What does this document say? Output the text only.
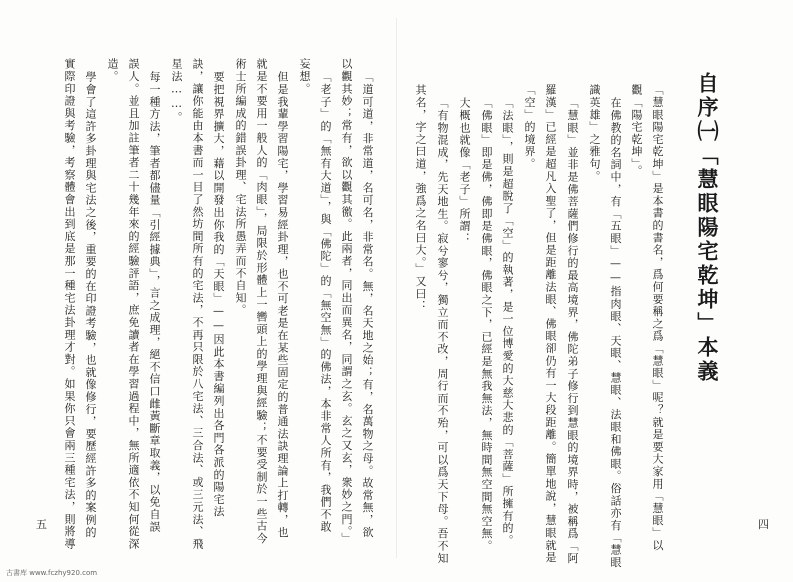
自序㈠「慧眼陽宅乾坤」本義
「慧眼陽宅乾坤」是本書的書名，爲何要稱之爲「慧眼」呢？就是要大家用「慧眼」以
觀「陽宅乾坤」。
在佛教的名詞中，有「五眼」——指肉眼、天眼、慧眼、法眼和佛眼。俗話亦有「慧眼
識英雄」之雅句。
「慧眼」並非是佛菩薩們修行的最高境界，佛陀弟子修行到慧眼的境界時，被稱爲「阿
羅漢」已經是超凡入聖了，但是距離法眼、佛眼卻仍有一大段距離。簡單地說，慧眼就是
「空」的境界。
「法眼」，則是超脫了「空」的執著，是一位博愛的大慈大悲的「菩薩」所擁有的。
「佛眼」即是佛，佛即是佛眼，佛眼之下，已經是無我無法，無時間無空間無空無。
大概也就像「老子」所謂：
「有物混成，先天地生。寂兮寥兮，獨立而不改，周行而不殆，可以爲天下母。吾不知
其名，字之曰道，強爲之名曰大。」又曰：
四
「道可道，非常道，名可名，非常名。無，名天地之始；有，名萬物之母。故常無，欲
以觀其妙；常有，欲以觀其徼。此兩者，同出而異名，同謂之玄。玄之又玄，衆妙之門。」
「老子」的「無有大道」，與「佛陀」的「無空無」的佛法，本非常人所有，我們不敢
妄想。
但是我輩學習陽宅，學習易經卦理，也不可老是在某些固定的普通法訣理論上打轉，也
就是不要用一般人的「肉眼」，局限於形體上一轡頭上的學理與經驗；不要受制於一些古今
術士所編成的錯誤卦理、宅法所愚弄而不自知。
要把視界擴大，藉以開發出你我的「天眼」——因此本書編列出各門各派的陽宅法
訣，讓你能由本書而一目了然坊間所有的宅法，不再只限於八宅法、三合法、或三元法、飛
星法……。
每一種方法，筆者都儘量「引經據典」，言之成理，絕不信口雌黃斷章取義，以免自誤
誤人。並且加註筆者二十幾年來的經驗評語，庶免讀者在學習過程中，無所適依不知何從深
造。
學會了這許多卦理與宅法之後，重要的在印證考驗，也就像修行，要歷經許多的案例的
實際印證與考驗，考察體會出到底是那一種宅法卦理才對。如果你只會兩三種宅法，則將導
五
古書库 www.fczhy920.com
